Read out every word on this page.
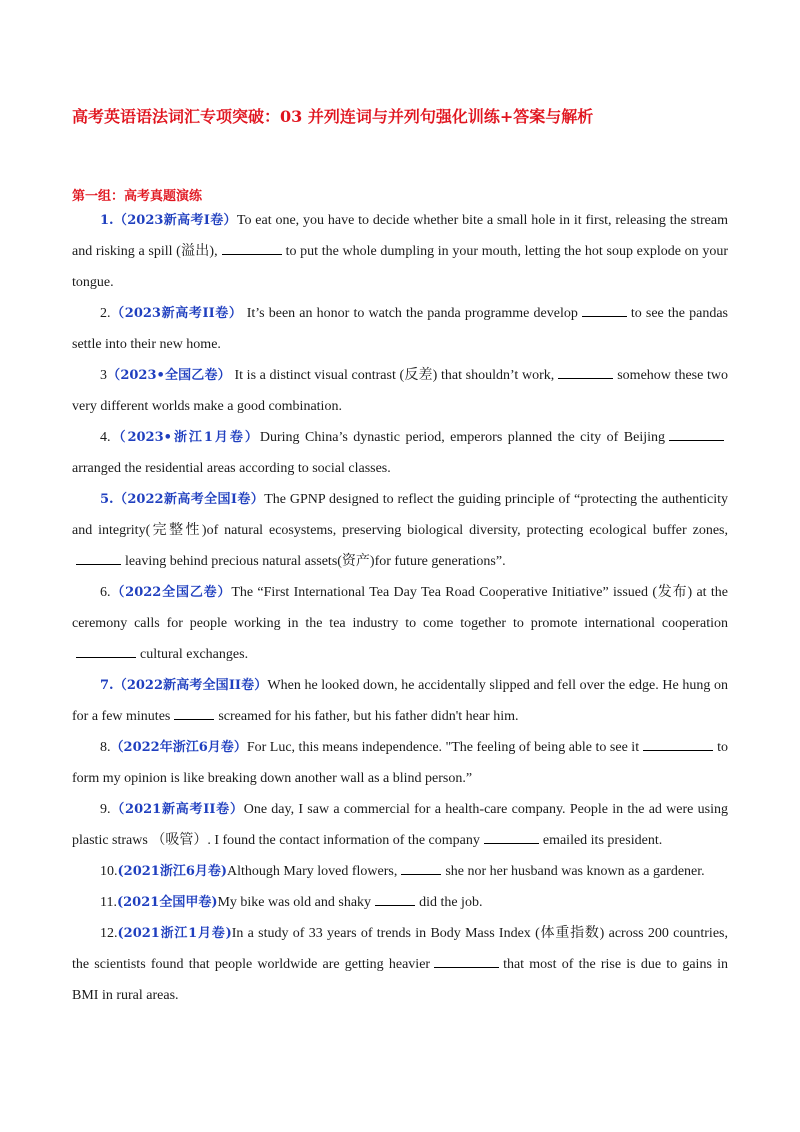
高考英语语法词汇专项突破：03 并列连词与并列句强化训练+答案与解析
第一组：高考真题演练

1.（2023新高考I卷）To eat one, you have to decide whether bite a small hole in it first, releasing the stream and risking a spill (溢出),	to put the whole dumpling in your mouth, letting the hot soup explode on your tongue.

2.（2023新高考II卷） It’s been an honor to watch the panda programme develop	to see the pandas settle into their new home.

3（2023•全国乙卷） It is a distinct visual contrast (反差) that shouldn’t work,	somehow these two very different worlds make a good combination.

4.（2023•浙江1月卷）During China’s dynastic period, emperors planned the city of Beijingarranged the residential areas according to social classes.

5.（2022新高考全国I卷）The GPNP designed to reflect the guiding principle of “protecting the authenticity and integrity(完整性)of natural ecosystems, preserving biological diversity, protecting ecological buffer zones,leaving behind precious natural assets(资产)for future generations”.

6.（2022全国乙卷）The “First International Tea Day Tea Road Cooperative Initiative” issued (发布) at the ceremony calls for people working in the tea industry to come together to promote international cooperationcultural exchanges.

7.（2022新高考全国II卷）When he looked down, he accidentally slipped and fell over the edge. He hung on for a few minutes	screamed for his father, but his father didn't hear him.

8.（2022年浙江6月卷）For Luc, this means independence. "The feeling of being able to see it	to form my opinion is like breaking down another wall as a blind person.”

9.（2021新高考II卷）One day, I saw a commercial for a health-care company. People in the ad were using plastic straws （吸管）. I found the contact information of the company	emailed its president.

10.(2021浙江6月卷)Although Mary loved flowers,	she nor her husband was known as a gardener.

11.(2021全国甲卷)My bike was old and shaky	did the job.

12.(2021浙江1月卷)In a study of 33 years of trends in Body Mass Index (体重指数) across 200 countries, the scientists found that people worldwide are getting heavier	that most of the rise is due to gains in BMI in rural areas.
